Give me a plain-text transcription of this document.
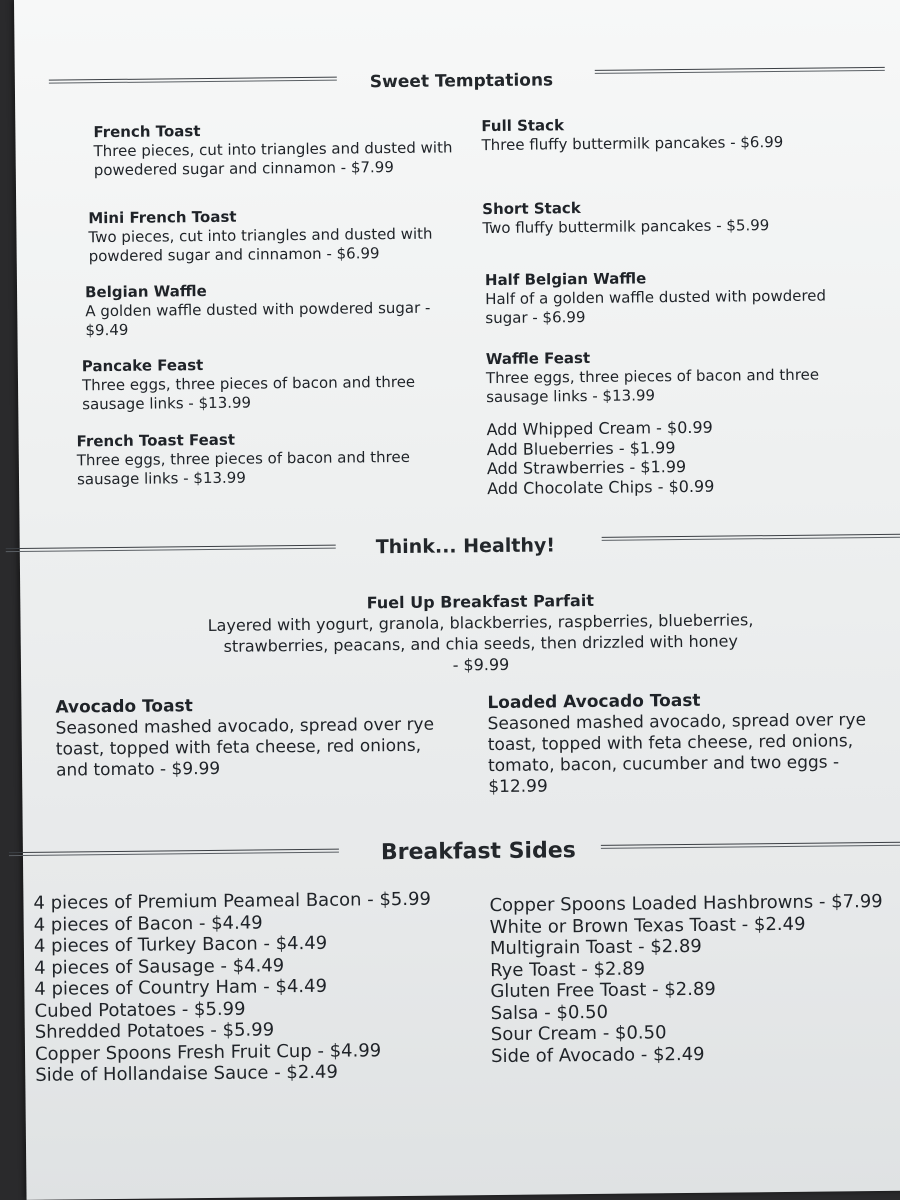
Sweet Temptations
French Toast
Three pieces, cut into triangles and dusted with powedered sugar and cinnamon - $7.99
Mini French Toast
Two pieces, cut into triangles and dusted with powdered sugar and cinnamon - $6.99
Belgian Waffle
A golden waffle dusted with powdered sugar - $9.49
Pancake Feast
Three eggs, three pieces of bacon and three sausage links - $13.99
French Toast Feast
Three eggs, three pieces of bacon and three sausage links - $13.99
Full Stack
Three fluffy buttermilk pancakes - $6.99
Short Stack
Two fluffy buttermilk pancakes - $5.99
Half Belgian Waffle
Half of a golden waffle dusted with powdered sugar - $6.99
Waffle Feast
Three eggs, three pieces of bacon and three sausage links - $13.99
Add Whipped Cream - $0.99
Add Blueberries - $1.99
Add Strawberries - $1.99
Add Chocolate Chips - $0.99
Think... Healthy!
Fuel Up Breakfast Parfait
Layered with yogurt, granola, blackberries, raspberries, blueberries,
strawberries, peacans, and chia seeds, then drizzled with honey
- $9.99
Avocado Toast
Seasoned mashed avocado, spread over rye toast, topped with feta cheese, red onions, and tomato - $9.99
Loaded Avocado Toast
Seasoned mashed avocado, spread over rye toast, topped with feta cheese, red onions, tomato, bacon, cucumber and two eggs - $12.99
Breakfast Sides
4 pieces of Premium Peameal Bacon - $5.99
4 pieces of Bacon - $4.49
4 pieces of Turkey Bacon - $4.49
4 pieces of Sausage - $4.49
4 pieces of Country Ham - $4.49
Cubed Potatoes - $5.99
Shredded Potatoes - $5.99
Copper Spoons Fresh Fruit Cup - $4.99
Side of Hollandaise Sauce - $2.49
Copper Spoons Loaded Hashbrowns - $7.99
White or Brown Texas Toast - $2.49
Multigrain Toast - $2.89
Rye Toast - $2.89
Gluten Free Toast - $2.89
Salsa - $0.50
Sour Cream - $0.50
Side of Avocado - $2.49
